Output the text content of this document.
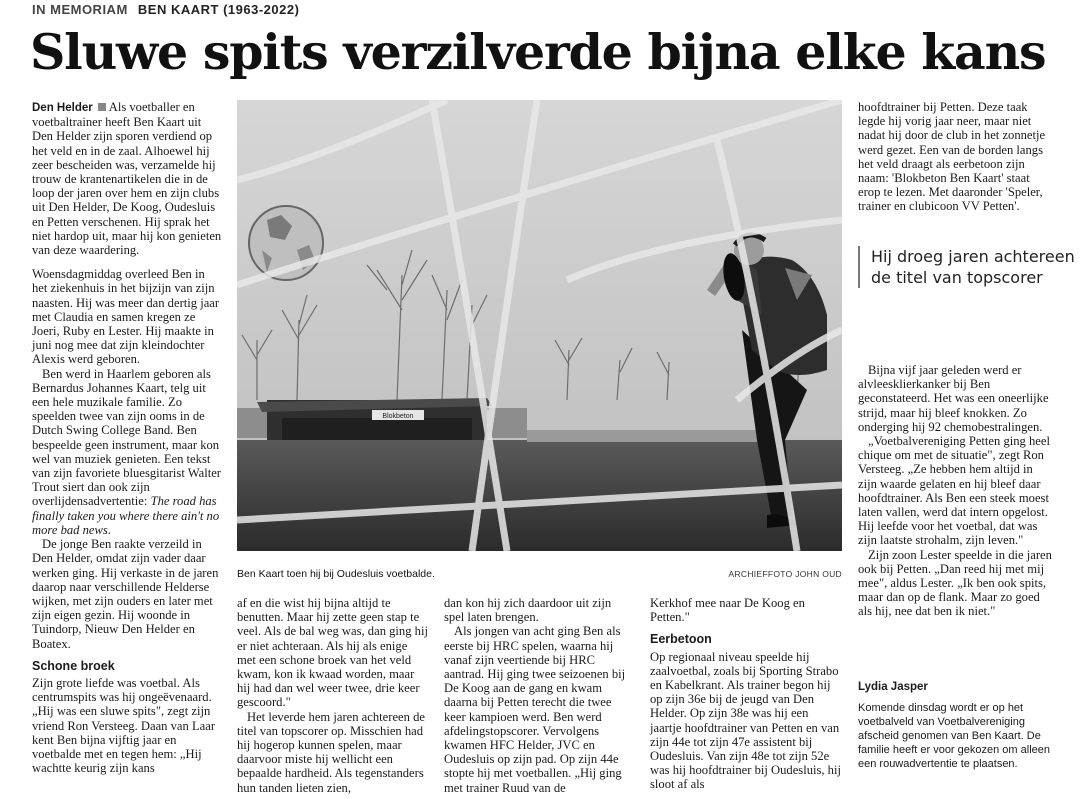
IN MEMORIAM BEN KAART (1963-2022)
Sluwe spits verzilverde bijna elke kans

Den Helder Als voetballer en voetbaltrainer heeft Ben Kaart uit Den Helder zijn sporen verdiend op het veld en in de zaal. Alhoewel hij zeer bescheiden was, verzamelde hij trouw de krantenartikelen die in de loop der jaren over hem en zijn clubs uit Den Helder, De Koog, Oudesluis en Petten verschenen. Hij sprak het niet hardop uit, maar hij kon genieten van deze waardering.

Woensdagmiddag overleed Ben in het ziekenhuis in het bijzijn van zijn naasten. Hij was meer dan dertig jaar met Claudia en samen kregen ze Joeri, Ruby en Lester. Hij maakte in juni nog mee dat zijn kleindochter Alexis werd geboren.

Ben werd in Haarlem geboren als Bernardus Johannes Kaart, telg uit een hele muzikale familie. Zo speelden twee van zijn ooms in de Dutch Swing College Band. Ben bespeelde geen instrument, maar kon wel van muziek genieten. Een tekst van zijn favoriete bluesgitarist Walter Trout siert dan ook zijn overlijdensadvertentie: The road has finally taken you where there ain't no more bad news.

De jonge Ben raakte verzeild in Den Helder, omdat zijn vader daar werken ging. Hij verkaste in de jaren daarop naar verschillende Helderse wijken, met zijn ouders en later met zijn eigen gezin. Hij woonde in Tuindorp, Nieuw Den Helder en Boatex.

Schone broek

Zijn grote liefde was voetbal. Als centrumspits was hij ongeëvenaard. „Hij was een sluwe spits", zegt zijn vriend Ron Versteeg. Daan van Laar kent Ben bijna vijftig jaar en voetbalde met en tegen hem: „Hij wachtte keurig zijn kans

Blokbeton
Ben Kaart toen hij bij Oudesluis voetbalde.	ARCHIEFFOTO JOHN OUD

af en die wist hij bijna altijd te benutten. Maar hij zette geen stap te veel. Als de bal weg was, dan ging hij er niet achteraan. Als hij als enige met een schone broek van het veld kwam, kon ik kwaad worden, maar hij had dan wel weer twee, drie keer gescoord."

Het leverde hem jaren achtereen de titel van topscorer op. Misschien had hij hogerop kunnen spelen, maar daarvoor miste hij wellicht een bepaalde hardheid. Als tegenstanders hun tanden lieten zien,

dan kon hij zich daardoor uit zijn spel laten brengen.

Als jongen van acht ging Ben als eerste bij HRC spelen, waarna hij vanaf zijn veertiende bij HRC aantrad. Hij ging twee seizoenen bij De Koog aan de gang en kwam daarna bij Petten terecht die twee keer kampioen werd. Ben werd afdelingstopscorer. Vervolgens kwamen HFC Helder, JVC en Oudesluis op zijn pad. Op zijn 44e stopte hij met voetballen. „Hij ging met trainer Ruud van de

Kerkhof mee naar De Koog en Petten."

Eerbetoon

Op regionaal niveau speelde hij zaalvoetbal, zoals bij Sporting Strabo en Kabelkrant. Als trainer begon hij op zijn 36e bij de jeugd van Den Helder. Op zijn 38e was hij een jaartje hoofdtrainer van Petten en van zijn 44e tot zijn 47e assistent bij Oudesluis. Van zijn 48e tot zijn 52e was hij hoofdtrainer bij Oudesluis, hij sloot af als

hoofdtrainer bij Petten. Deze taak legde hij vorig jaar neer, maar niet nadat hij door de club in het zonnetje werd gezet. Een van de borden langs het veld draagt als eerbetoon zijn naam: 'Blokbeton Ben Kaart' staat erop te lezen. Met daaronder 'Speler, trainer en clubicoon VV Petten'.

Hij droeg jaren achtereen de titel van topscorer

Bijna vijf jaar geleden werd er alvleesklierkanker bij Ben geconstateerd. Het was een oneerlijke strijd, maar hij bleef knokken. Zo onderging hij 92 chemobestralingen.

„Voetbalvereniging Petten ging heel chique om met de situatie", zegt Ron Versteeg. „Ze hebben hem altijd in zijn waarde gelaten en hij bleef daar hoofdtrainer. Als Ben een steek moest laten vallen, werd dat intern opgelost. Hij leefde voor het voetbal, dat was zijn laatste strohalm, zijn leven."

Zijn zoon Lester speelde in die jaren ook bij Petten. „Dan reed hij met mij mee", aldus Lester. „Ik ben ook spits, maar dan op de flank. Maar zo goed als hij, nee dat ben ik niet."

Lydia Jasper

Komende dinsdag wordt er op het voetbalveld van Voetbalvereniging afscheid genomen van Ben Kaart. De familie heeft er voor gekozen om alleen een rouwadvertentie te plaatsen.
